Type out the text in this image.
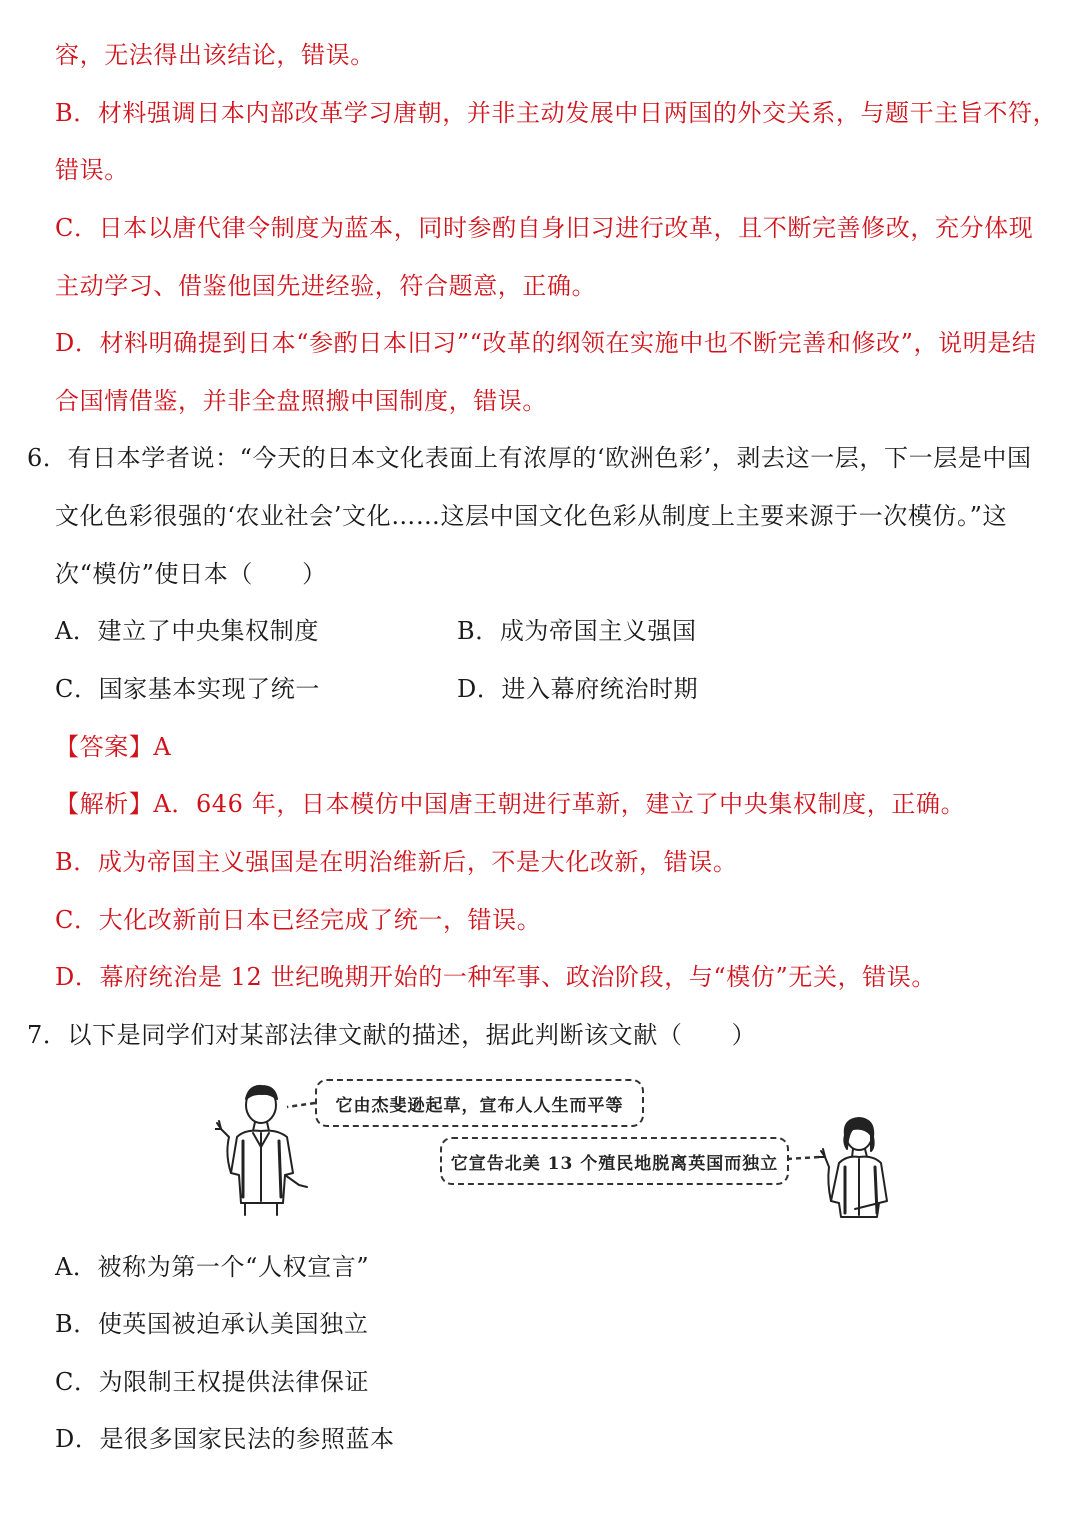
容，无法得出该结论，错误。
B．材料强调日本内部改革学习唐朝，并非主动发展中日两国的外交关系，与题干主旨不符，
错误。
C．日本以唐代律令制度为蓝本，同时参酌自身旧习进行改革，且不断完善修改，充分体现
主动学习、借鉴他国先进经验，符合题意，正确。
D．材料明确提到日本“参酌日本旧习”“改革的纲领在实施中也不断完善和修改”，说明是结
合国情借鉴，并非全盘照搬中国制度，错误。
6．有日本学者说：“今天的日本文化表面上有浓厚的‘欧洲色彩’，剥去这一层，下一层是中国
文化色彩很强的‘农业社会’文化……这层中国文化色彩从制度上主要来源于一次模仿。”这
次“模仿”使日本（　　）
A．建立了中央集权制度	B．成为帝国主义强国
C．国家基本实现了统一	D．进入幕府统治时期
【答案】A
【解析】A．646 年，日本模仿中国唐王朝进行革新，建立了中央集权制度，正确。
B．成为帝国主义强国是在明治维新后，不是大化改新，错误。
C．大化改新前日本已经完成了统一，错误。
D．幕府统治是 12 世纪晚期开始的一种军事、政治阶段，与“模仿”无关，错误。
7．以下是同学们对某部法律文献的描述，据此判断该文献（　　）
它由杰斐逊起草，宣布人人生而平等
它宣告北美 13 个殖民地脱离英国而独立
A．被称为第一个“人权宣言”
B．使英国被迫承认美国独立
C．为限制王权提供法律保证
D．是很多国家民法的参照蓝本
